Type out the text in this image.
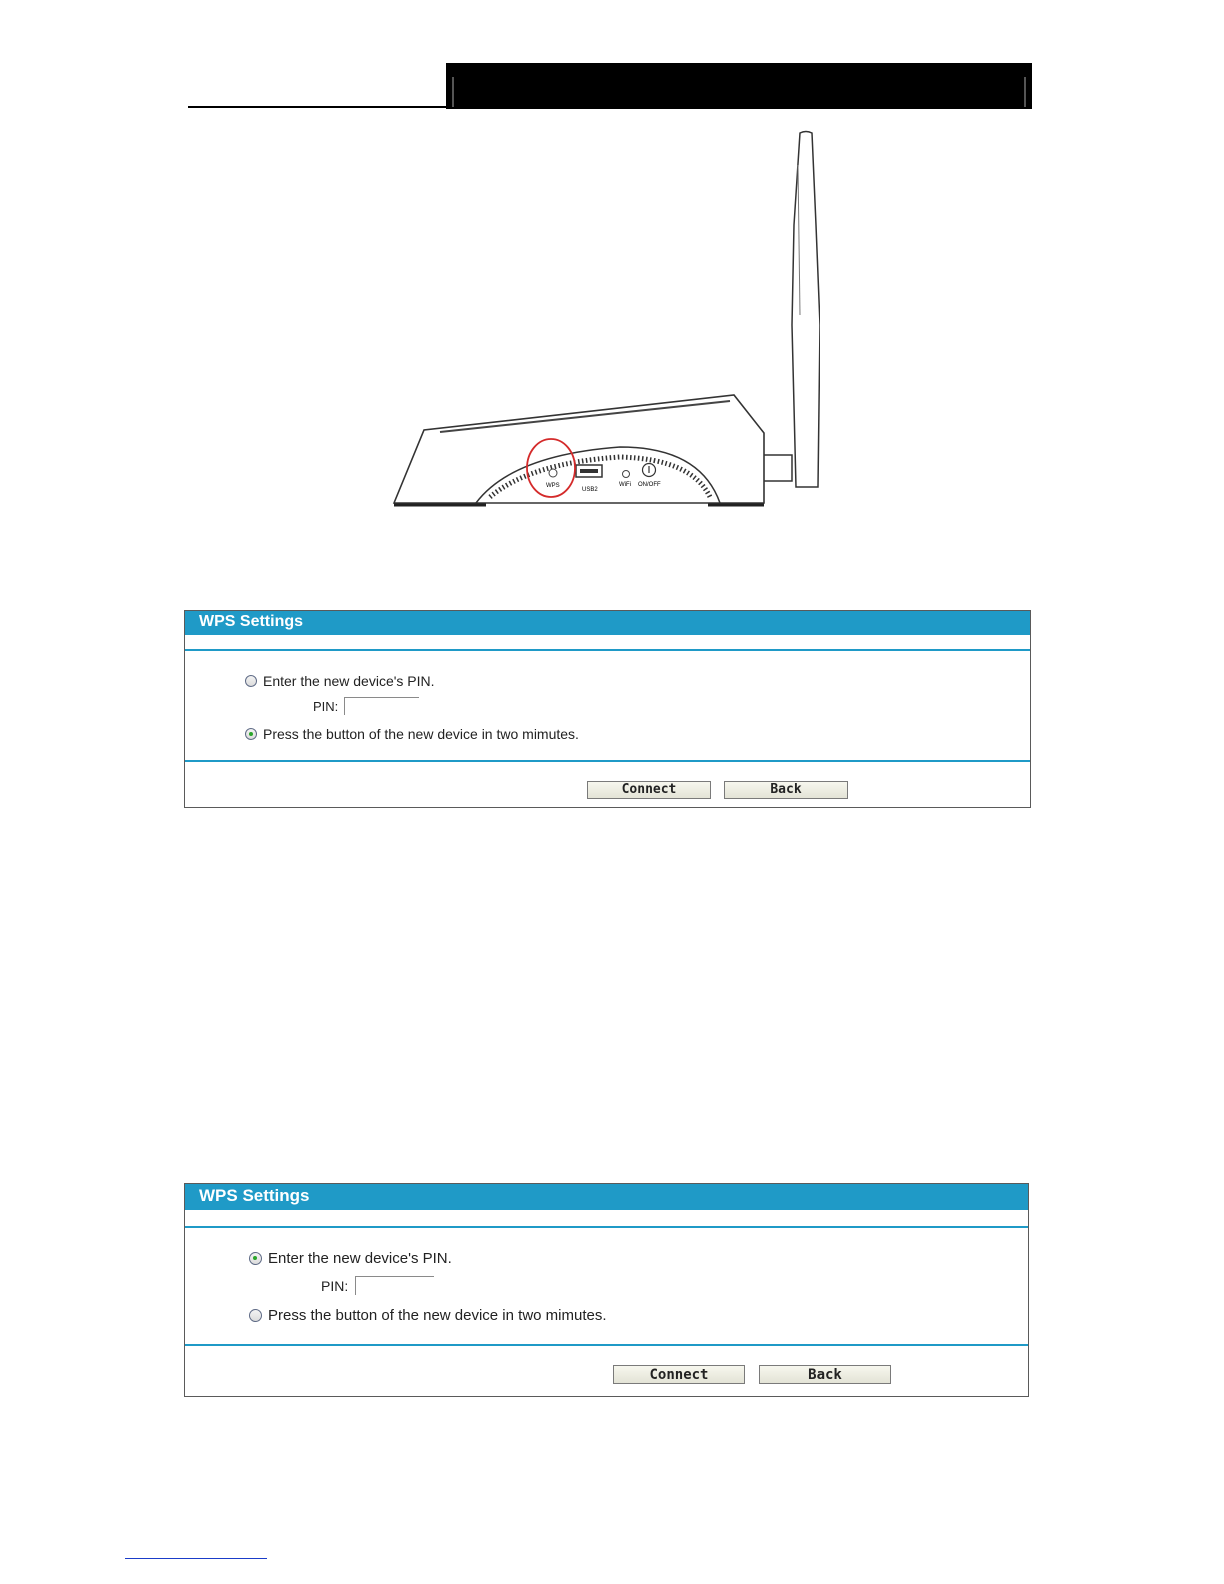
WPS
USB2
WiFi ON/OFF
WPS Settings
Enter the new device's PIN.
PIN:
Press the button of the new device in two mimutes.
Connect	Back
WPS Settings
Enter the new device's PIN.
PIN:
Press the button of the new device in two mimutes.
Connect	Back
